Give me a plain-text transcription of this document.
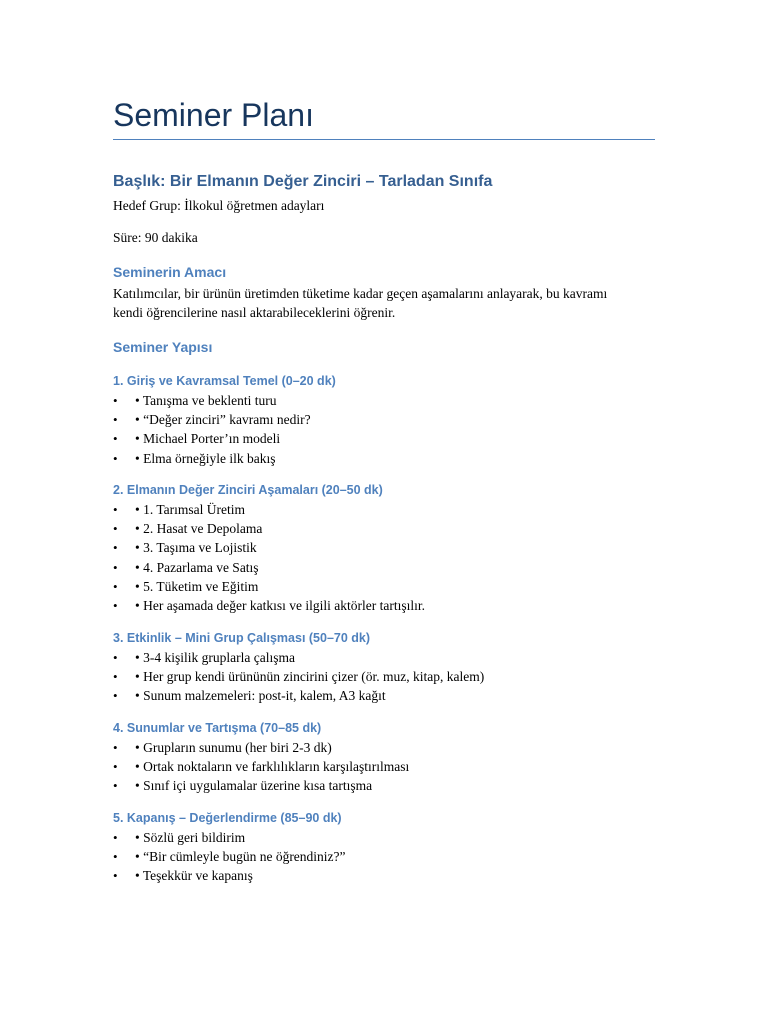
Seminer Planı
Başlık: Bir Elmanın Değer Zinciri – Tarladan Sınıfa

Hedef Grup: İlkokul öğretmen adayları

Süre: 90 dakika

Seminerin Amacı

Katılımcılar, bir ürünün üretimden tüketime kadar geçen aşamalarını anlayarak, bu kavramı

kendi öğrencilerine nasıl aktarabileceklerini öğrenir.

Seminer Yapısı
1. Giriş ve Kavramsal Temel (0–20 dk)
• • Tanışma ve beklenti turu
• • “Değer zinciri” kavramı nedir?
• • Michael Porter’ın modeli
• • Elma örneğiyle ilk bakış
2. Elmanın Değer Zinciri Aşamaları (20–50 dk)
• • 1. Tarımsal Üretim
• • 2. Hasat ve Depolama
• • 3. Taşıma ve Lojistik
• • 4. Pazarlama ve Satış
• • 5. Tüketim ve Eğitim
• • Her aşamada değer katkısı ve ilgili aktörler tartışılır.
3. Etkinlik – Mini Grup Çalışması (50–70 dk)
• • 3-4 kişilik gruplarla çalışma
• • Her grup kendi ürününün zincirini çizer (ör. muz, kitap, kalem)
• • Sunum malzemeleri: post-it, kalem, A3 kağıt
4. Sunumlar ve Tartışma (70–85 dk)
• • Grupların sunumu (her biri 2-3 dk)
• • Ortak noktaların ve farklılıkların karşılaştırılması
• • Sınıf içi uygulamalar üzerine kısa tartışma
5. Kapanış – Değerlendirme (85–90 dk)
• • Sözlü geri bildirim
• • “Bir cümleyle bugün ne öğrendiniz?”
• • Teşekkür ve kapanış
